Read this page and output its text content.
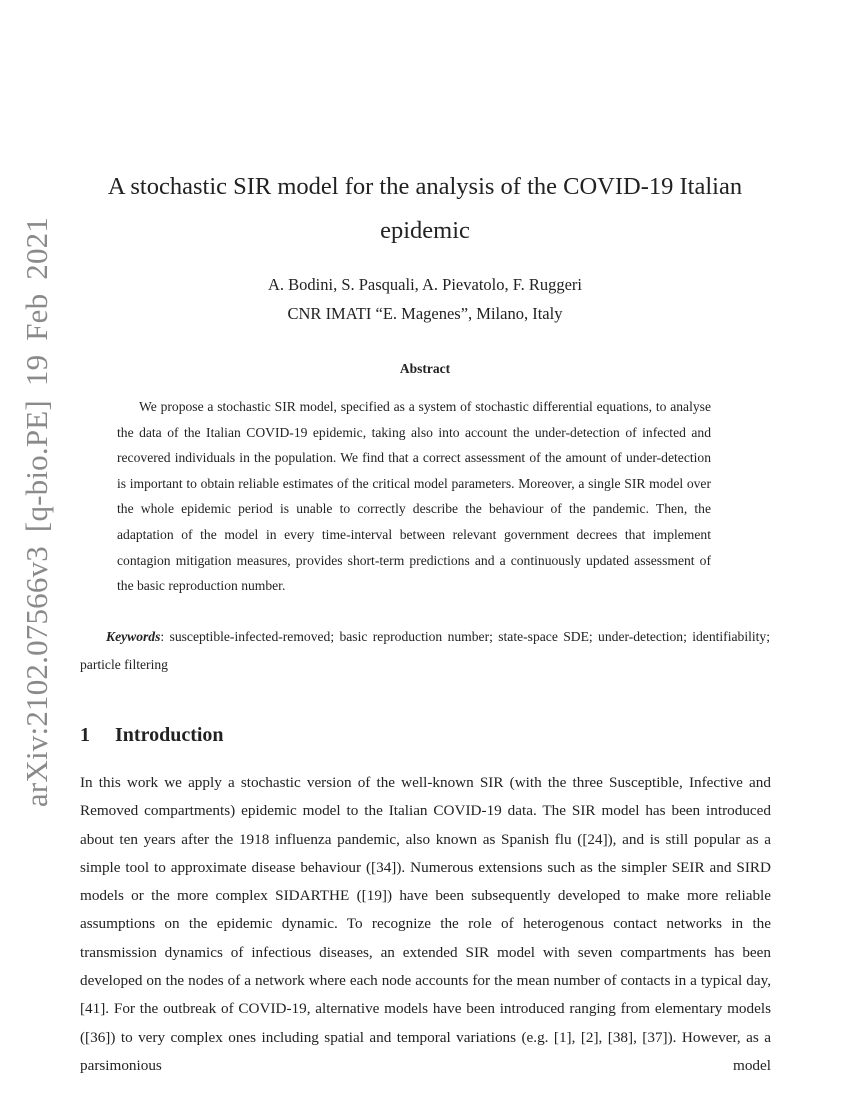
arXiv:2102.07566v3 [q-bio.PE] 19 Feb 2021
A stochastic SIR model for the analysis of the COVID-19 Italian
epidemic
A. Bodini, S. Pasquali, A. Pievatolo, F. Ruggeri
CNR IMATI “E. Magenes”, Milano, Italy
Abstract

We propose a stochastic SIR model, specified as a system of stochastic differential equations, to analyse the data of the Italian COVID-19 epidemic, taking also into account the under-detection of infected and recovered individuals in the population. We find that a correct assessment of the amount of under-detection is important to obtain reliable estimates of the critical model parameters. Moreover, a single SIR model over the whole epidemic period is unable to correctly describe the behaviour of the pandemic. Then, the adaptation of the model in every time-interval between relevant government decrees that implement contagion mitigation measures, provides short-term predictions and a continuously updated assessment of the basic reproduction number.

Keywords: susceptible-infected-removed; basic reproduction number; state-space SDE; under-detection; identifiability; particle filtering

1 Introduction

In this work we apply a stochastic version of the well-known SIR (with the three Susceptible, Infective and Removed compartments) epidemic model to the Italian COVID-19 data. The SIR model has been introduced about ten years after the 1918 influenza pandemic, also known as Spanish flu ([24]), and is still popular as a simple tool to approximate disease behaviour ([34]). Numerous extensions such as the simpler SEIR and SIRD models or the more complex SIDARTHE ([19]) have been subsequently developed to make more reliable assumptions on the epidemic dynamic. To recognize the role of heterogenous contact networks in the transmission dynamics of infectious diseases, an extended SIR model with seven compartments has been developed on the nodes of a network where each node accounts for the mean number of contacts in a typical day, [41]. For the outbreak of COVID-19, alternative models have been introduced ranging from elementary models ([36]) to very complex ones including spatial and temporal variations (e.g. [1], [2], [38], [37]). However, as a parsimonious model
